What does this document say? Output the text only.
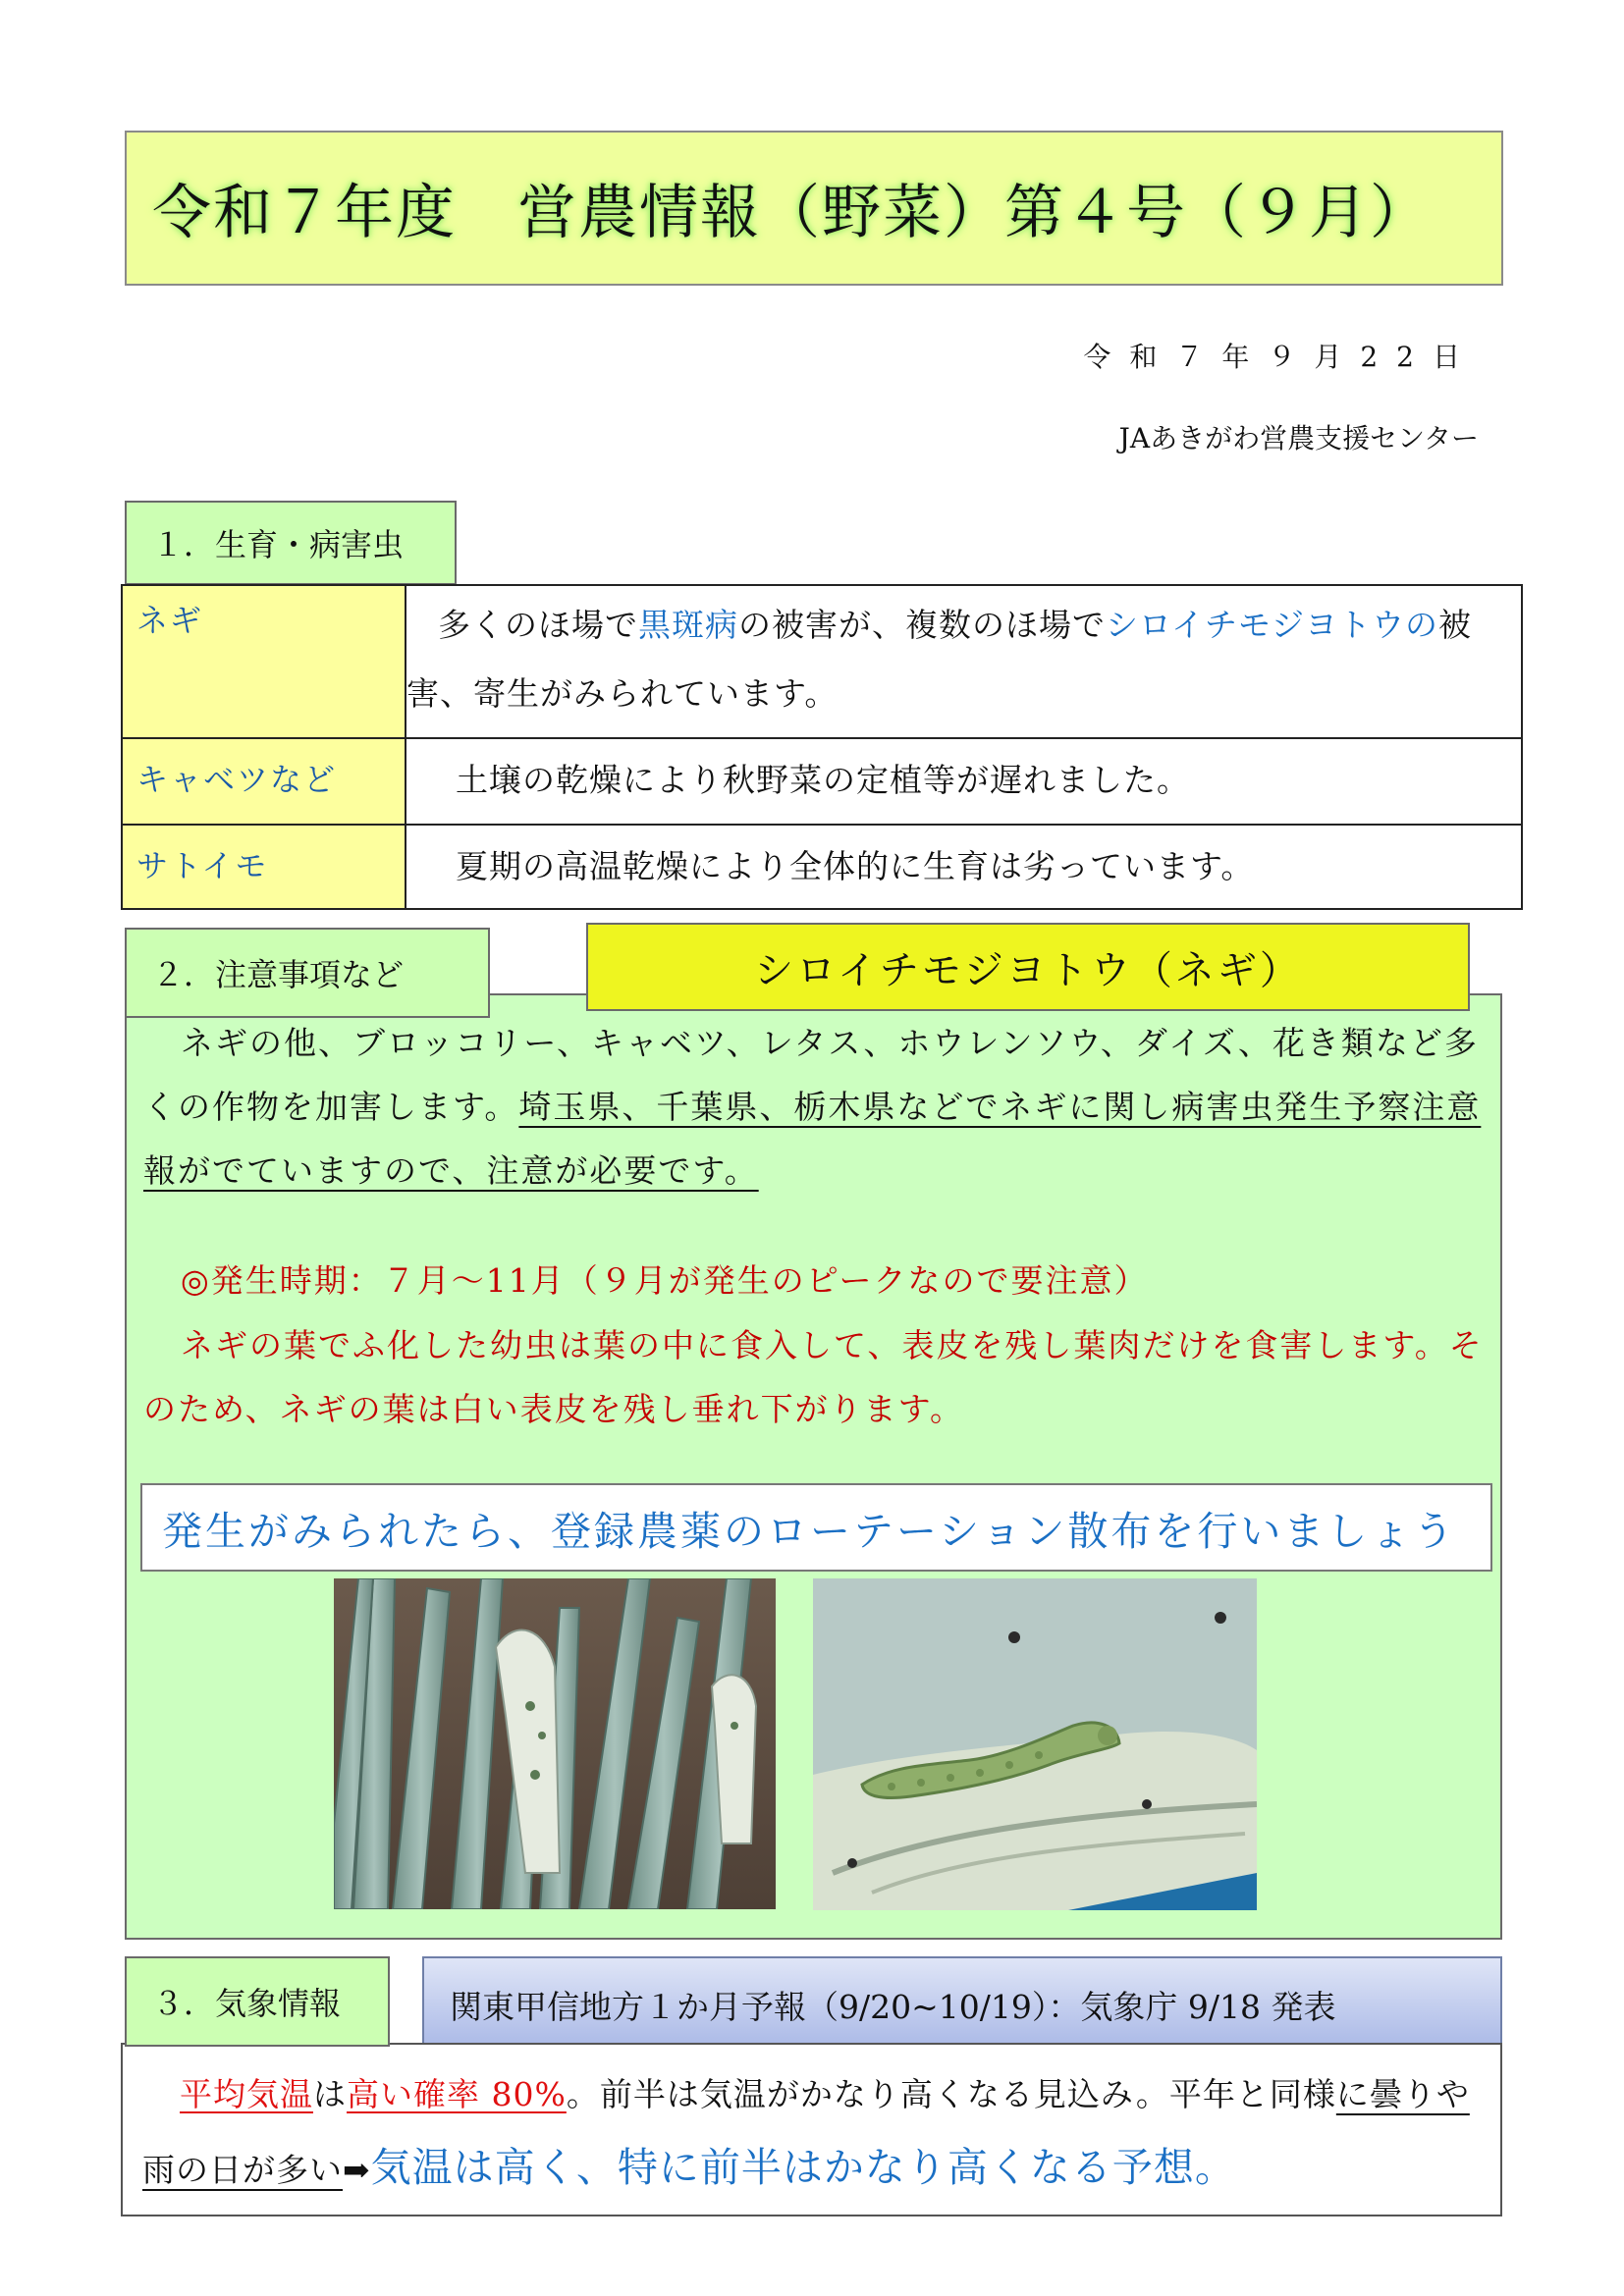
令和７年度　営農情報（野菜）第４号（９月）
令和７年９月22日
JAあきがわ営農支援センター
１．生育・病害虫
ネギ	多くのほ場で黒斑病の被害が、複数のほ場でシロイチモジヨトウの被害、寄生がみられています。
キャベツなど	土壌の乾燥により秋野菜の定植等が遅れました。
サトイモ	夏期の高温乾燥により全体的に生育は劣っています。
２．注意事項など	シロイチモジヨトウ（ネギ）
ネギの他、ブロッコリー、キャベツ、レタス、ホウレンソウ、ダイズ、花き類など多くの作物を加害します。埼玉県、千葉県、栃木県などでネギに関し病害虫発生予察注意報がでていますので、注意が必要です。
◎発生時期：７月～11月（９月が発生のピークなので要注意）
ネギの葉でふ化した幼虫は葉の中に食入して、表皮を残し葉肉だけを食害します。そのため、ネギの葉は白い表皮を残し垂れ下がります。
発生がみられたら、登録農薬のローテーション散布を行いましょう
関東甲信地方１か月予報（9/20~10/19）：気象庁 9/18 発表
平均気温は高い確率 80%。前半は気温がかなり高くなる見込み。平年と同様に曇りや雨の日が多い➡気温は高く、特に前半はかなり高くなる予想。
３．気象情報
